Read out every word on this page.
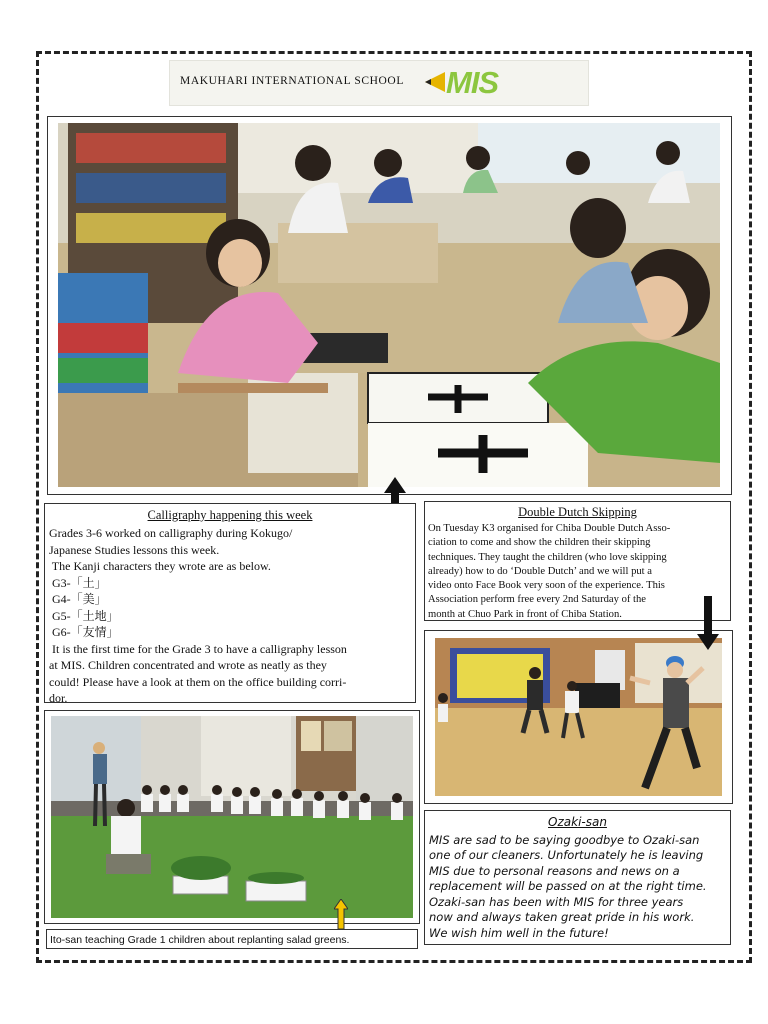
MAKUHARI INTERNATIONAL SCHOOL MIS
Calligraphy happening this week
Grades 3-6 worked on calligraphy during Kokugo/
Japanese Studies lessons this week.
The Kanji characters they wrote are as below.
G3-「土」
G4-「美」
G5-「土地」
G6-「友情」
It is the first time for the Grade 3 to have a calligraphy lesson
at MIS. Children concentrated and wrote as neatly as they
could! Please have a look at them on the office building corri-
dor.
Double Dutch Skipping
On Tuesday K3 organised for Chiba Double Dutch Asso-
ciation to come and show the children their skipping
techniques. They taught the children (who love skipping
already) how to do ‘Double Dutch’ and we will put a
video onto Face Book very soon of the experience. This
Association perform free every 2nd Saturday of the
month at Chuo Park in front of Chiba Station.
Ito-san teaching Grade 1 children about replanting salad greens.
Ozaki-san
MIS are sad to be saying goodbye to Ozaki-san
one of our cleaners. Unfortunately he is leaving
MIS due to personal reasons and news on a
replacement will be passed on at the right time.
Ozaki-san has been with MIS for three years
now and always taken great pride in his work.
We wish him well in the future!
